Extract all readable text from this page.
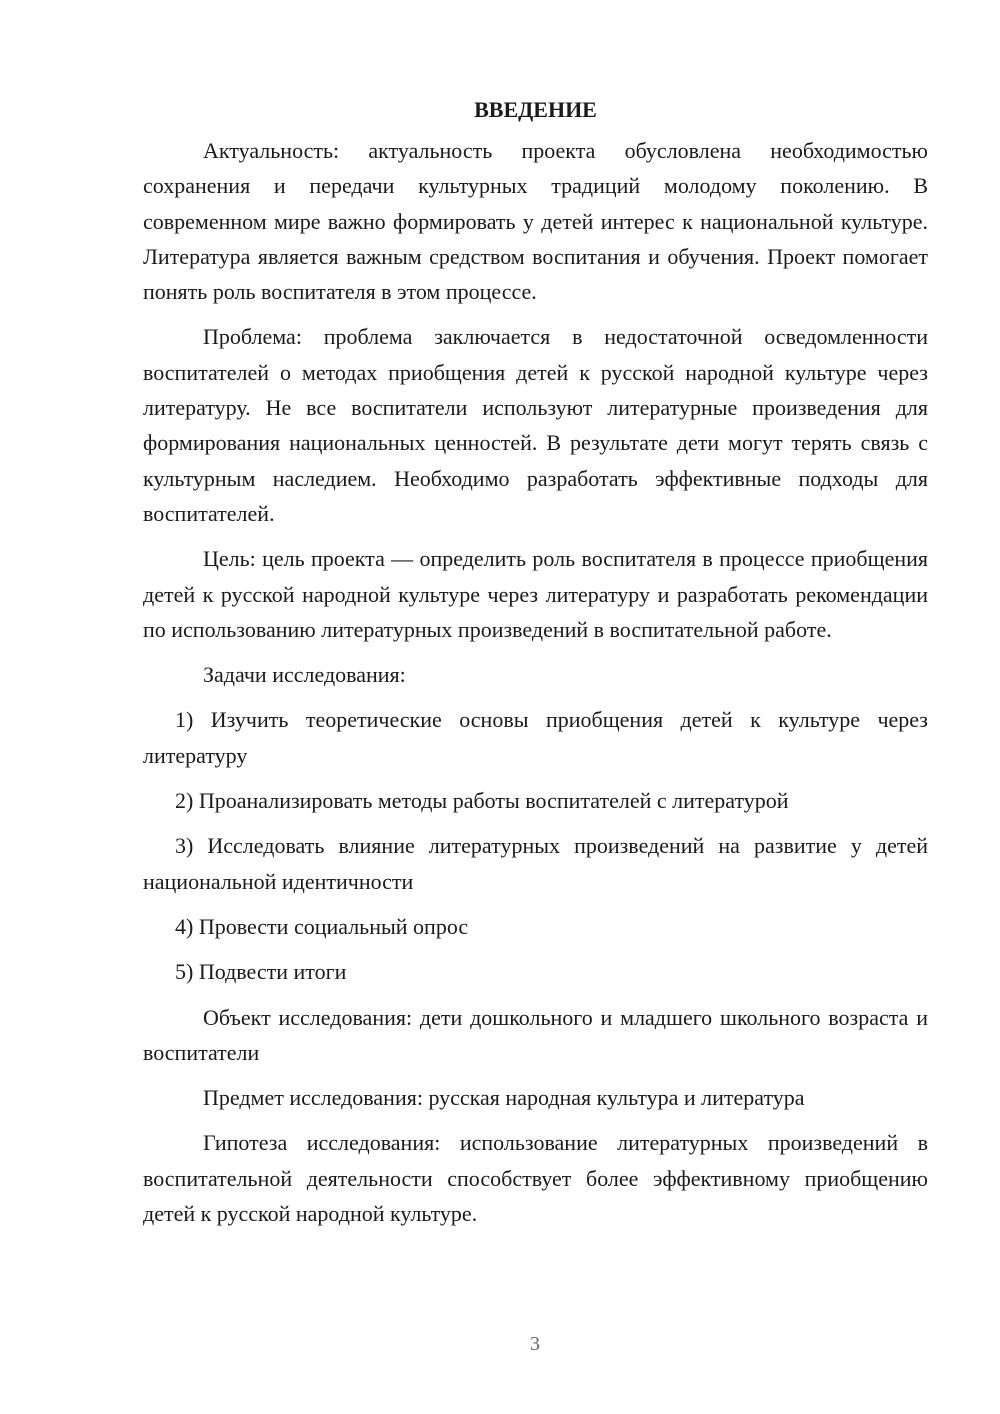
ВВЕДЕНИЕ

Актуальность: актуальность проекта обусловлена необходимостью сохранения и передачи культурных традиций молодому поколению. В современном мире важно формировать у детей интерес к национальной культуре. Литература является важным средством воспитания и обучения. Проект помогает понять роль воспитателя в этом процессе.

Проблема: проблема заключается в недостаточной осведомленности воспитателей о методах приобщения детей к русской народной культуре через литературу. Не все воспитатели используют литературные произведения для формирования национальных ценностей. В результате дети могут терять связь с культурным наследием. Необходимо разработать эффективные подходы для воспитателей.

Цель: цель проекта — определить роль воспитателя в процессе приобщения детей к русской народной культуре через литературу и разработать рекомендации по использованию литературных произведений в воспитательной работе.

Задачи исследования:

1) Изучить теоретические основы приобщения детей к культуре через литературу

2) Проанализировать методы работы воспитателей с литературой

3) Исследовать влияние литературных произведений на развитие у детей национальной идентичности

4) Провести социальный опрос

5) Подвести итоги

Объект исследования: дети дошкольного и младшего школьного возраста и воспитатели

Предмет исследования: русская народная культура и литература

Гипотеза исследования: использование литературных произведений в воспитательной деятельности способствует более эффективному приобщению детей к русской народной культуре.

3
